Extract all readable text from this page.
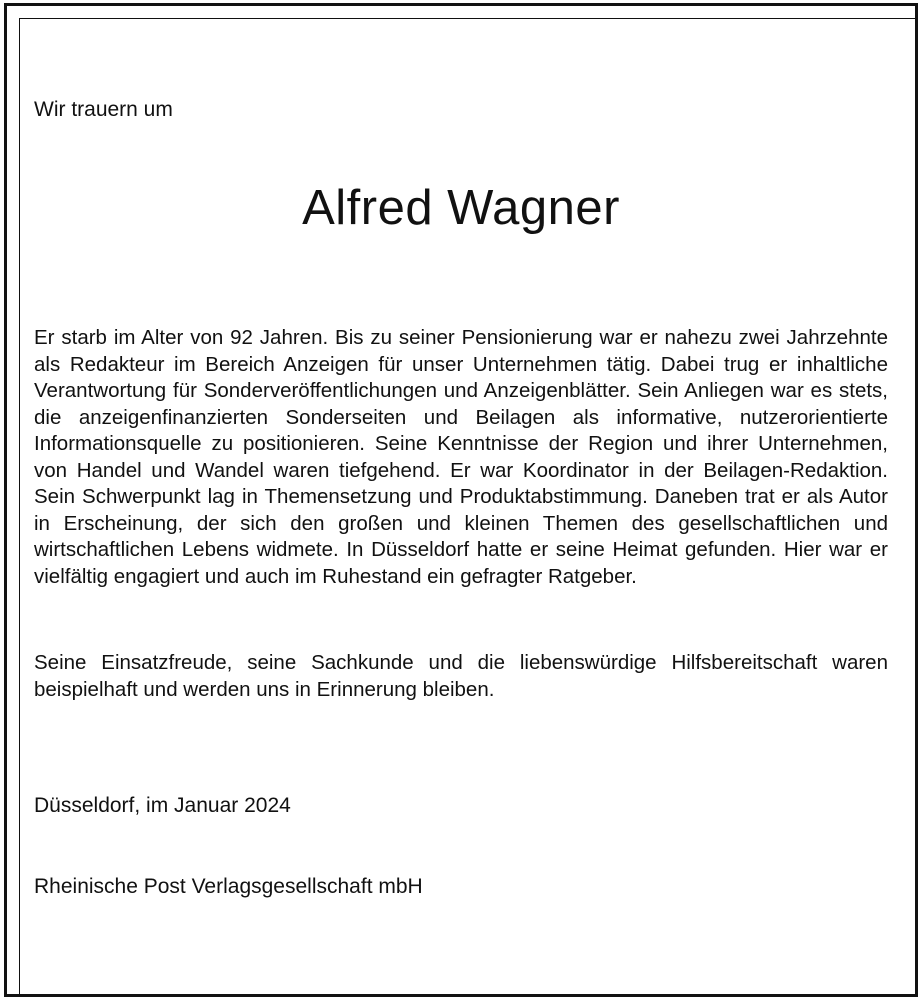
Wir trauern um

Alfred Wagner

Er starb im Alter von 92 Jahren. Bis zu seiner Pensionierung war er nahezu zwei Jahrzehnte als Redakteur im Bereich Anzeigen für unser Unternehmen tätig. Dabei trug er inhaltliche Verantwortung für Sonderveröffentlichungen und Anzeigenblätter. Sein Anliegen war es stets, die anzeigenfinanzierten Sonderseiten und Beilagen als informative, nutzerorientierte Informationsquelle zu positionieren. Seine Kenntnisse der Region und ihrer Unternehmen, von Handel und Wandel waren tiefgehend. Er war Koordinator in der Beilagen-Redaktion. Sein Schwerpunkt lag in Themensetzung und Produktabstimmung. Daneben trat er als Autor in Erscheinung, der sich den großen und kleinen Themen des gesellschaftlichen und wirtschaftlichen Lebens widmete. In Düsseldorf hatte er seine Heimat gefunden. Hier war er vielfältig engagiert und auch im Ruhestand ein gefragter Ratgeber.

Seine Einsatzfreude, seine Sachkunde und die liebenswürdige Hilfsbereitschaft waren beispielhaft und werden uns in Erinnerung bleiben.

Düsseldorf, im Januar 2024

Rheinische Post Verlagsgesellschaft mbH
